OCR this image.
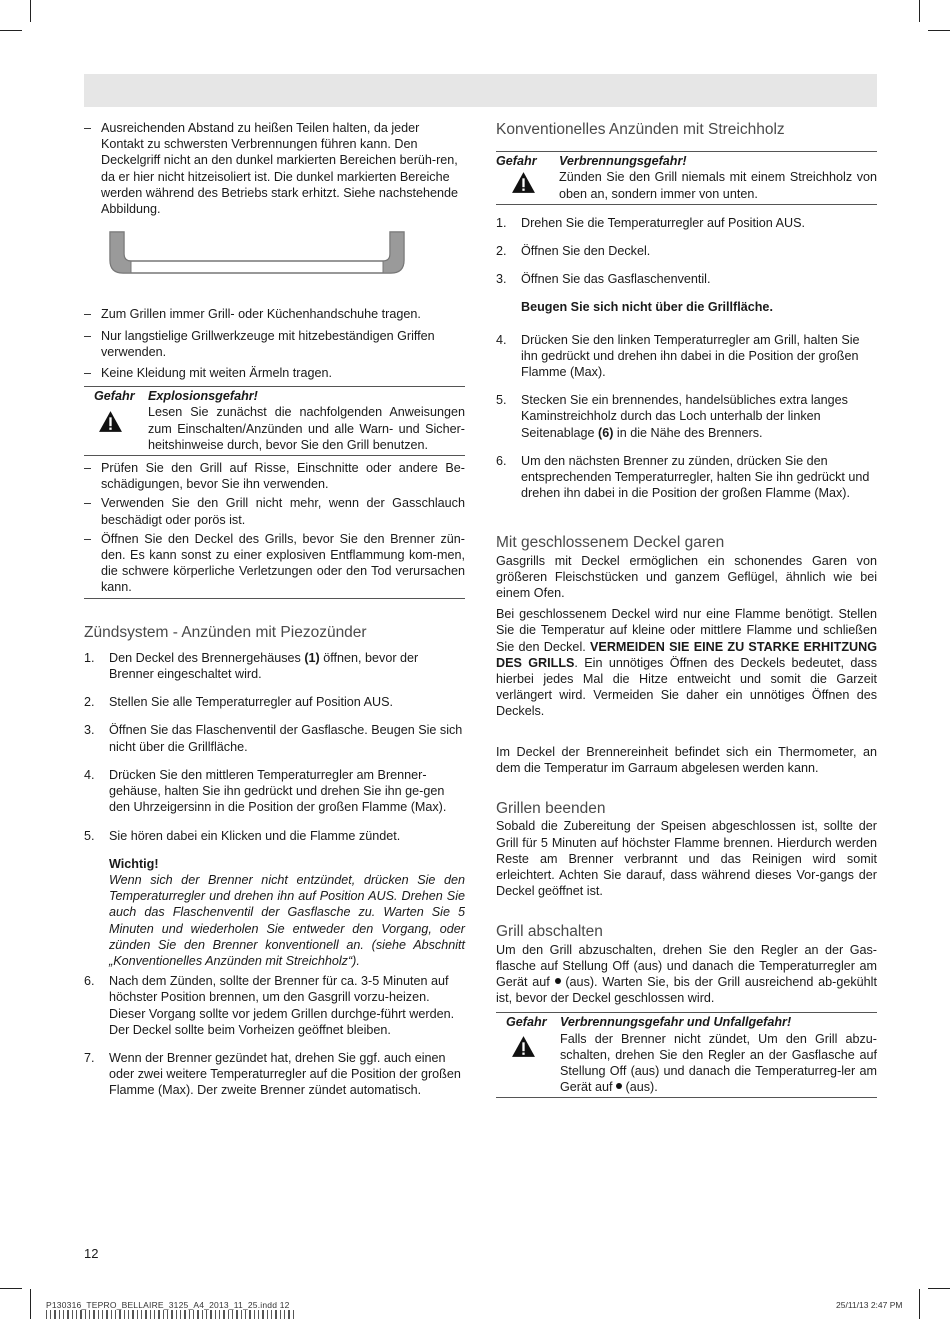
– Ausreichenden Abstand zu heißen Teilen halten, da jeder Kontakt zu schwersten Verbrennungen führen kann. Den Deckelgriff nicht an den dunkel markierten Bereichen berüh-ren, da er hier nicht hitzeisoliert ist. Die dunkel markierten Bereiche werden während des Betriebs stark erhitzt. Siehe nachstehende Abbildung.
– Zum Grillen immer Grill- oder Küchenhandschuhe tragen.
– Nur langstielige Grillwerkzeuge mit hitzebeständigen Griffen verwenden.
– Keine Kleidung mit weiten Ärmeln tragen.
Gefahr	Explosionsgefahr!
Lesen Sie zunächst die nachfolgenden Anweisungen zum Einschalten/Anzünden und alle Warn- und Sicher-heitshinweise durch, bevor Sie den Grill benutzen.
– Prüfen Sie den Grill auf Risse, Einschnitte oder andere Be-schädigungen, bevor Sie ihn verwenden.
– Verwenden Sie den Grill nicht mehr, wenn der Gasschlauch beschädigt oder porös ist.
– Öffnen Sie den Deckel des Grills, bevor Sie den Brenner zün-den. Es kann sonst zu einer explosiven Entflammung kom-men, die schwere körperliche Verletzungen oder den Tod verursachen kann.
Zündsystem - Anzünden mit Piezozünder
1. Den Deckel des Brennergehäuses (1) öffnen, bevor der Brenner eingeschaltet wird.
2. Stellen Sie alle Temperaturregler auf Position AUS.
3. Öffnen Sie das Flaschenventil der Gasflasche. Beugen Sie sich nicht über die Grillfläche.
4. Drücken Sie den mittleren Temperaturregler am Brenner-gehäuse, halten Sie ihn gedrückt und drehen Sie ihn ge-gen den Uhrzeigersinn in die Position der großen Flamme (Max).
5. Sie hören dabei ein Klicken und die Flamme zündet.
Wichtig!
Wenn sich der Brenner nicht entzündet, drücken Sie den Temperaturregler und drehen ihn auf Position AUS. Drehen Sie auch das Flaschenventil der Gasflasche zu. Warten Sie 5 Minuten und wiederholen Sie entweder den Vorgang, oder zünden Sie den Brenner konventionell an. (siehe Abschnitt „Konventionelles Anzünden mit Streichholz“).
6. Nach dem Zünden, sollte der Brenner für ca. 3-5 Minuten auf höchster Position brennen, um den Gasgrill vorzu-heizen. Dieser Vorgang sollte vor jedem Grillen durchge-führt werden. Der Deckel sollte beim Vorheizen geöffnet bleiben.
7. Wenn der Brenner gezündet hat, drehen Sie ggf. auch einen oder zwei weitere Temperaturregler auf die Position der großen Flamme (Max). Der zweite Brenner zündet automatisch.
Konventionelles Anzünden mit Streichholz
Gefahr	Verbrennungsgefahr!
Zünden Sie den Grill niemals mit einem Streichholz von oben an, sondern immer von unten.
1. Drehen Sie die Temperaturregler auf Position AUS.
2. Öffnen Sie den Deckel.
3. Öffnen Sie das Gasflaschenventil.
Beugen Sie sich nicht über die Grillfläche.
4. Drücken Sie den linken Temperaturregler am Grill, halten Sie ihn gedrückt und drehen ihn dabei in die Position der großen Flamme (Max).
5. Stecken Sie ein brennendes, handelsübliches extra langes Kaminstreichholz durch das Loch unterhalb der linken Seitenablage (6) in die Nähe des Brenners.
6. Um den nächsten Brenner zu zünden, drücken Sie den entsprechenden Temperaturregler, halten Sie ihn gedrückt und drehen ihn dabei in die Position der großen Flamme (Max).
Mit geschlossenem Deckel garen
Gasgrills mit Deckel ermöglichen ein schonendes Garen von größeren Fleischstücken und ganzem Geflügel, ähnlich wie bei einem Ofen.
Bei geschlossenem Deckel wird nur eine Flamme benötigt. Stellen Sie die Temperatur auf kleine oder mittlere Flamme und schließen Sie den Deckel. VERMEIDEN SIE EINE ZU STARKE ERHITZUNG DES GRILLS. Ein unnötiges Öffnen des Deckels bedeutet, dass hierbei jedes Mal die Hitze entweicht und somit die Garzeit verlängert wird. Vermeiden Sie daher ein unnötiges Öffnen des Deckels.
Im Deckel der Brennereinheit befindet sich ein Thermometer, an dem die Temperatur im Garraum abgelesen werden kann.
Grillen beenden
Sobald die Zubereitung der Speisen abgeschlossen ist, sollte der Grill für 5 Minuten auf höchster Flamme brennen. Hierdurch werden Reste am Brenner verbrannt und das Reinigen wird somit erleichtert. Achten Sie darauf, dass während dieses Vor-gangs der Deckel geöffnet ist.
Grill abschalten
Um den Grill abzuschalten, drehen Sie den Regler an der Gas-flasche auf Stellung Off (aus) und danach die Temperaturregler am Gerät auf  (aus). Warten Sie, bis der Grill ausreichend ab-gekühlt ist, bevor der Deckel geschlossen wird.
Gefahr	Verbrennungsgefahr und Unfallgefahr!
Falls der Brenner nicht zündet, Um den Grill abzu-schalten, drehen Sie den Regler an der Gasflasche auf Stellung Off (aus) und danach die Temperaturreg-ler am Gerät auf  (aus).
12
P130316_TEPRO_BELLAIRE_3125_A4_2013_11_25.indd 12	25/11/13 2:47 PM
